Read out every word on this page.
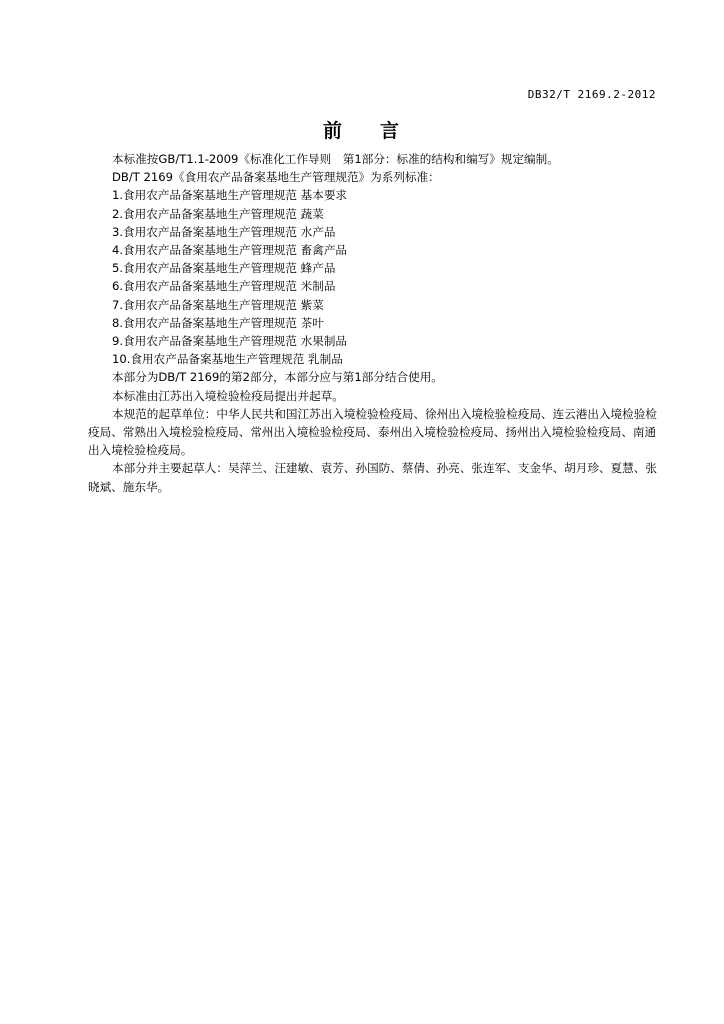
DB32/T 2169.2-2012
前 言

本标准按GB/T1.1-2009《标准化工作导则　第1部分：标准的结构和编写》规定编制。

DB/T 2169《食用农产品备案基地生产管理规范》为系列标准：

1.食用农产品备案基地生产管理规范 基本要求

2.食用农产品备案基地生产管理规范 蔬菜

3.食用农产品备案基地生产管理规范 水产品

4.食用农产品备案基地生产管理规范 畜禽产品

5.食用农产品备案基地生产管理规范 蜂产品

6.食用农产品备案基地生产管理规范 米制品

7.食用农产品备案基地生产管理规范 紫菜

8.食用农产品备案基地生产管理规范 茶叶

9.食用农产品备案基地生产管理规范 水果制品

10.食用农产品备案基地生产管理规范 乳制品

本部分为DB/T 2169的第2部分，本部分应与第1部分结合使用。

本标准由江苏出入境检验检疫局提出并起草。

本规范的起草单位：中华人民共和国江苏出入境检验检疫局、徐州出入境检验检疫局、连云港出入境检验检疫局、常熟出入境检验检疫局、常州出入境检验检疫局、泰州出入境检验检疫局、扬州出入境检验检疫局、南通出入境检验检疫局。

本部分并主要起草人：吴萍兰、汪建敏、袁芳、孙国防、蔡倩、孙亮、张连军、支金华、胡月珍、夏慧、张晓斌、施东华。
